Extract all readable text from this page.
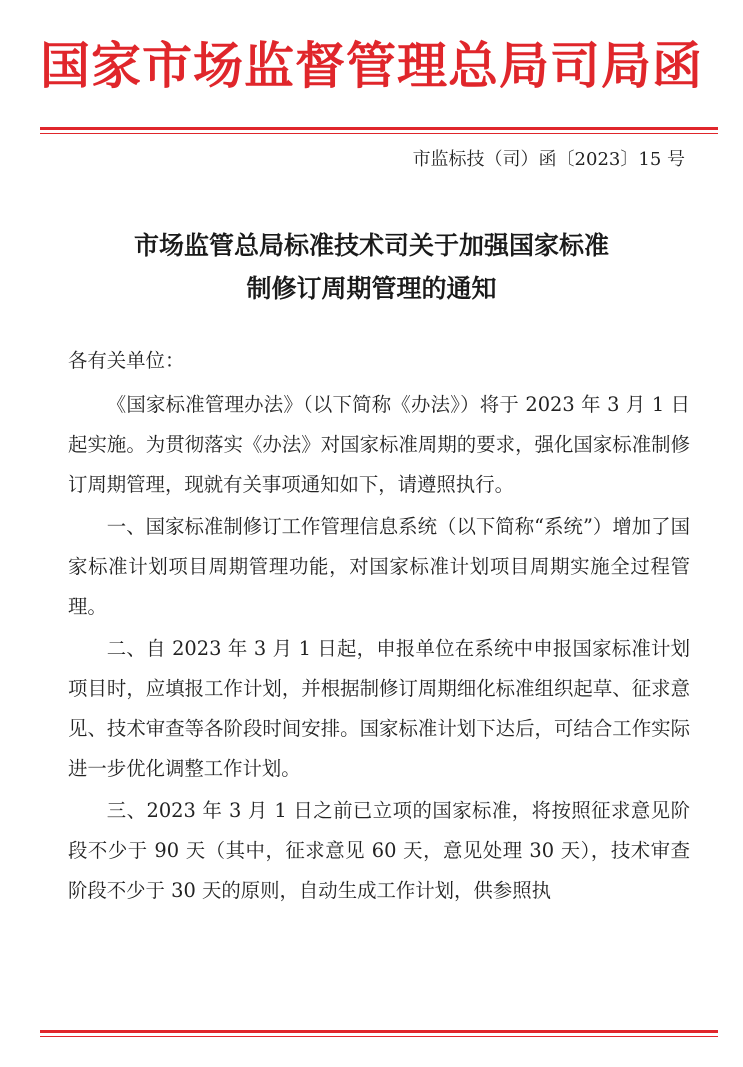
国家市场监督管理总局司局函
市监标技（司）函〔2023〕15 号
市场监管总局标准技术司关于加强国家标准
制修订周期管理的通知

各有关单位：

《国家标准管理办法》（以下简称《办法》）将于 2023 年 3 月 1 日起实施。为贯彻落实《办法》对国家标准周期的要求，强化国家标准制修订周期管理，现就有关事项通知如下，请遵照执行。

一、国家标准制修订工作管理信息系统（以下简称“系统”）增加了国家标准计划项目周期管理功能，对国家标准计划项目周期实施全过程管理。

二、自 2023 年 3 月 1 日起，申报单位在系统中申报国家标准计划项目时，应填报工作计划，并根据制修订周期细化标准组织起草、征求意见、技术审查等各阶段时间安排。国家标准计划下达后，可结合工作实际进一步优化调整工作计划。

三、2023 年 3 月 1 日之前已立项的国家标准，将按照征求意见阶段不少于 90 天（其中，征求意见 60 天，意见处理 30 天），技术审查阶段不少于 30 天的原则，自动生成工作计划，供参照执
